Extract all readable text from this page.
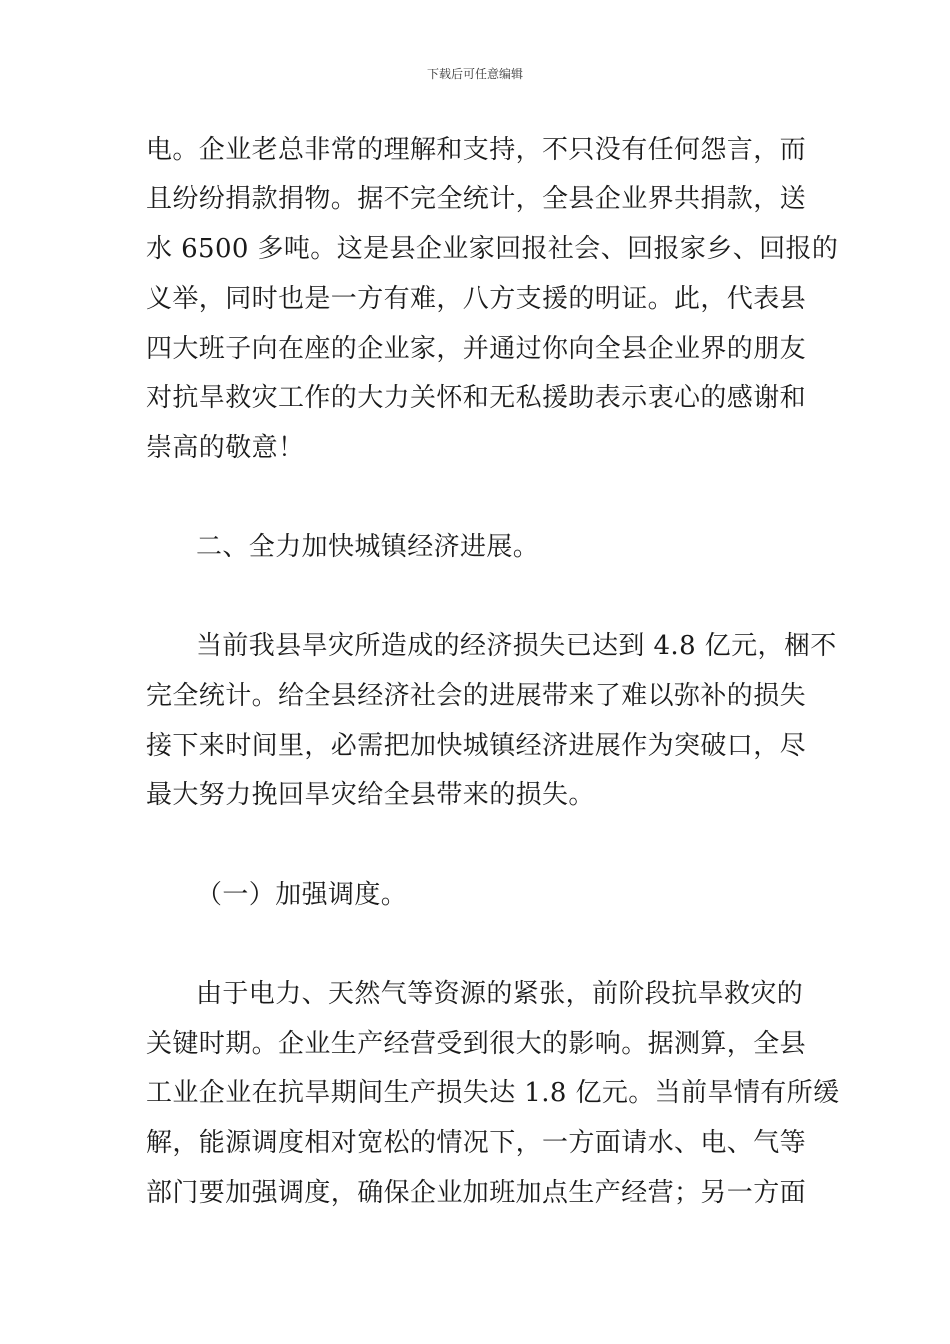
下载后可任意编辑
电。企业老总非常的理解和支持，不只没有任何怨言，而
且纷纷捐款捐物。据不完全统计，全县企业界共捐款，送
水 6500 多吨。这是县企业家回报社会、回报家乡、回报的
义举，同时也是一方有难，八方支援的明证。此，代表县
四大班子向在座的企业家，并通过你向全县企业界的朋友
对抗旱救灾工作的大力关怀和无私援助表示衷心的感谢和
崇高的敬意！
二、全力加快城镇经济进展。
当前我县旱灾所造成的经济损失已达到 4.8 亿元，梱不
完全统计。给全县经济社会的进展带来了难以弥补的损失
接下来时间里，必需把加快城镇经济进展作为突破口，尽
最大努力挽回旱灾给全县带来的损失。
（一）加强调度。
由于电力、天然气等资源的紧张，前阶段抗旱救灾的
关键时期。企业生产经营受到很大的影响。据测算，全县
工业企业在抗旱期间生产损失达 1.8 亿元。当前旱情有所缓
解，能源调度相对宽松的情况下，一方面请水、电、气等
部门要加强调度，确保企业加班加点生产经营；另一方面
